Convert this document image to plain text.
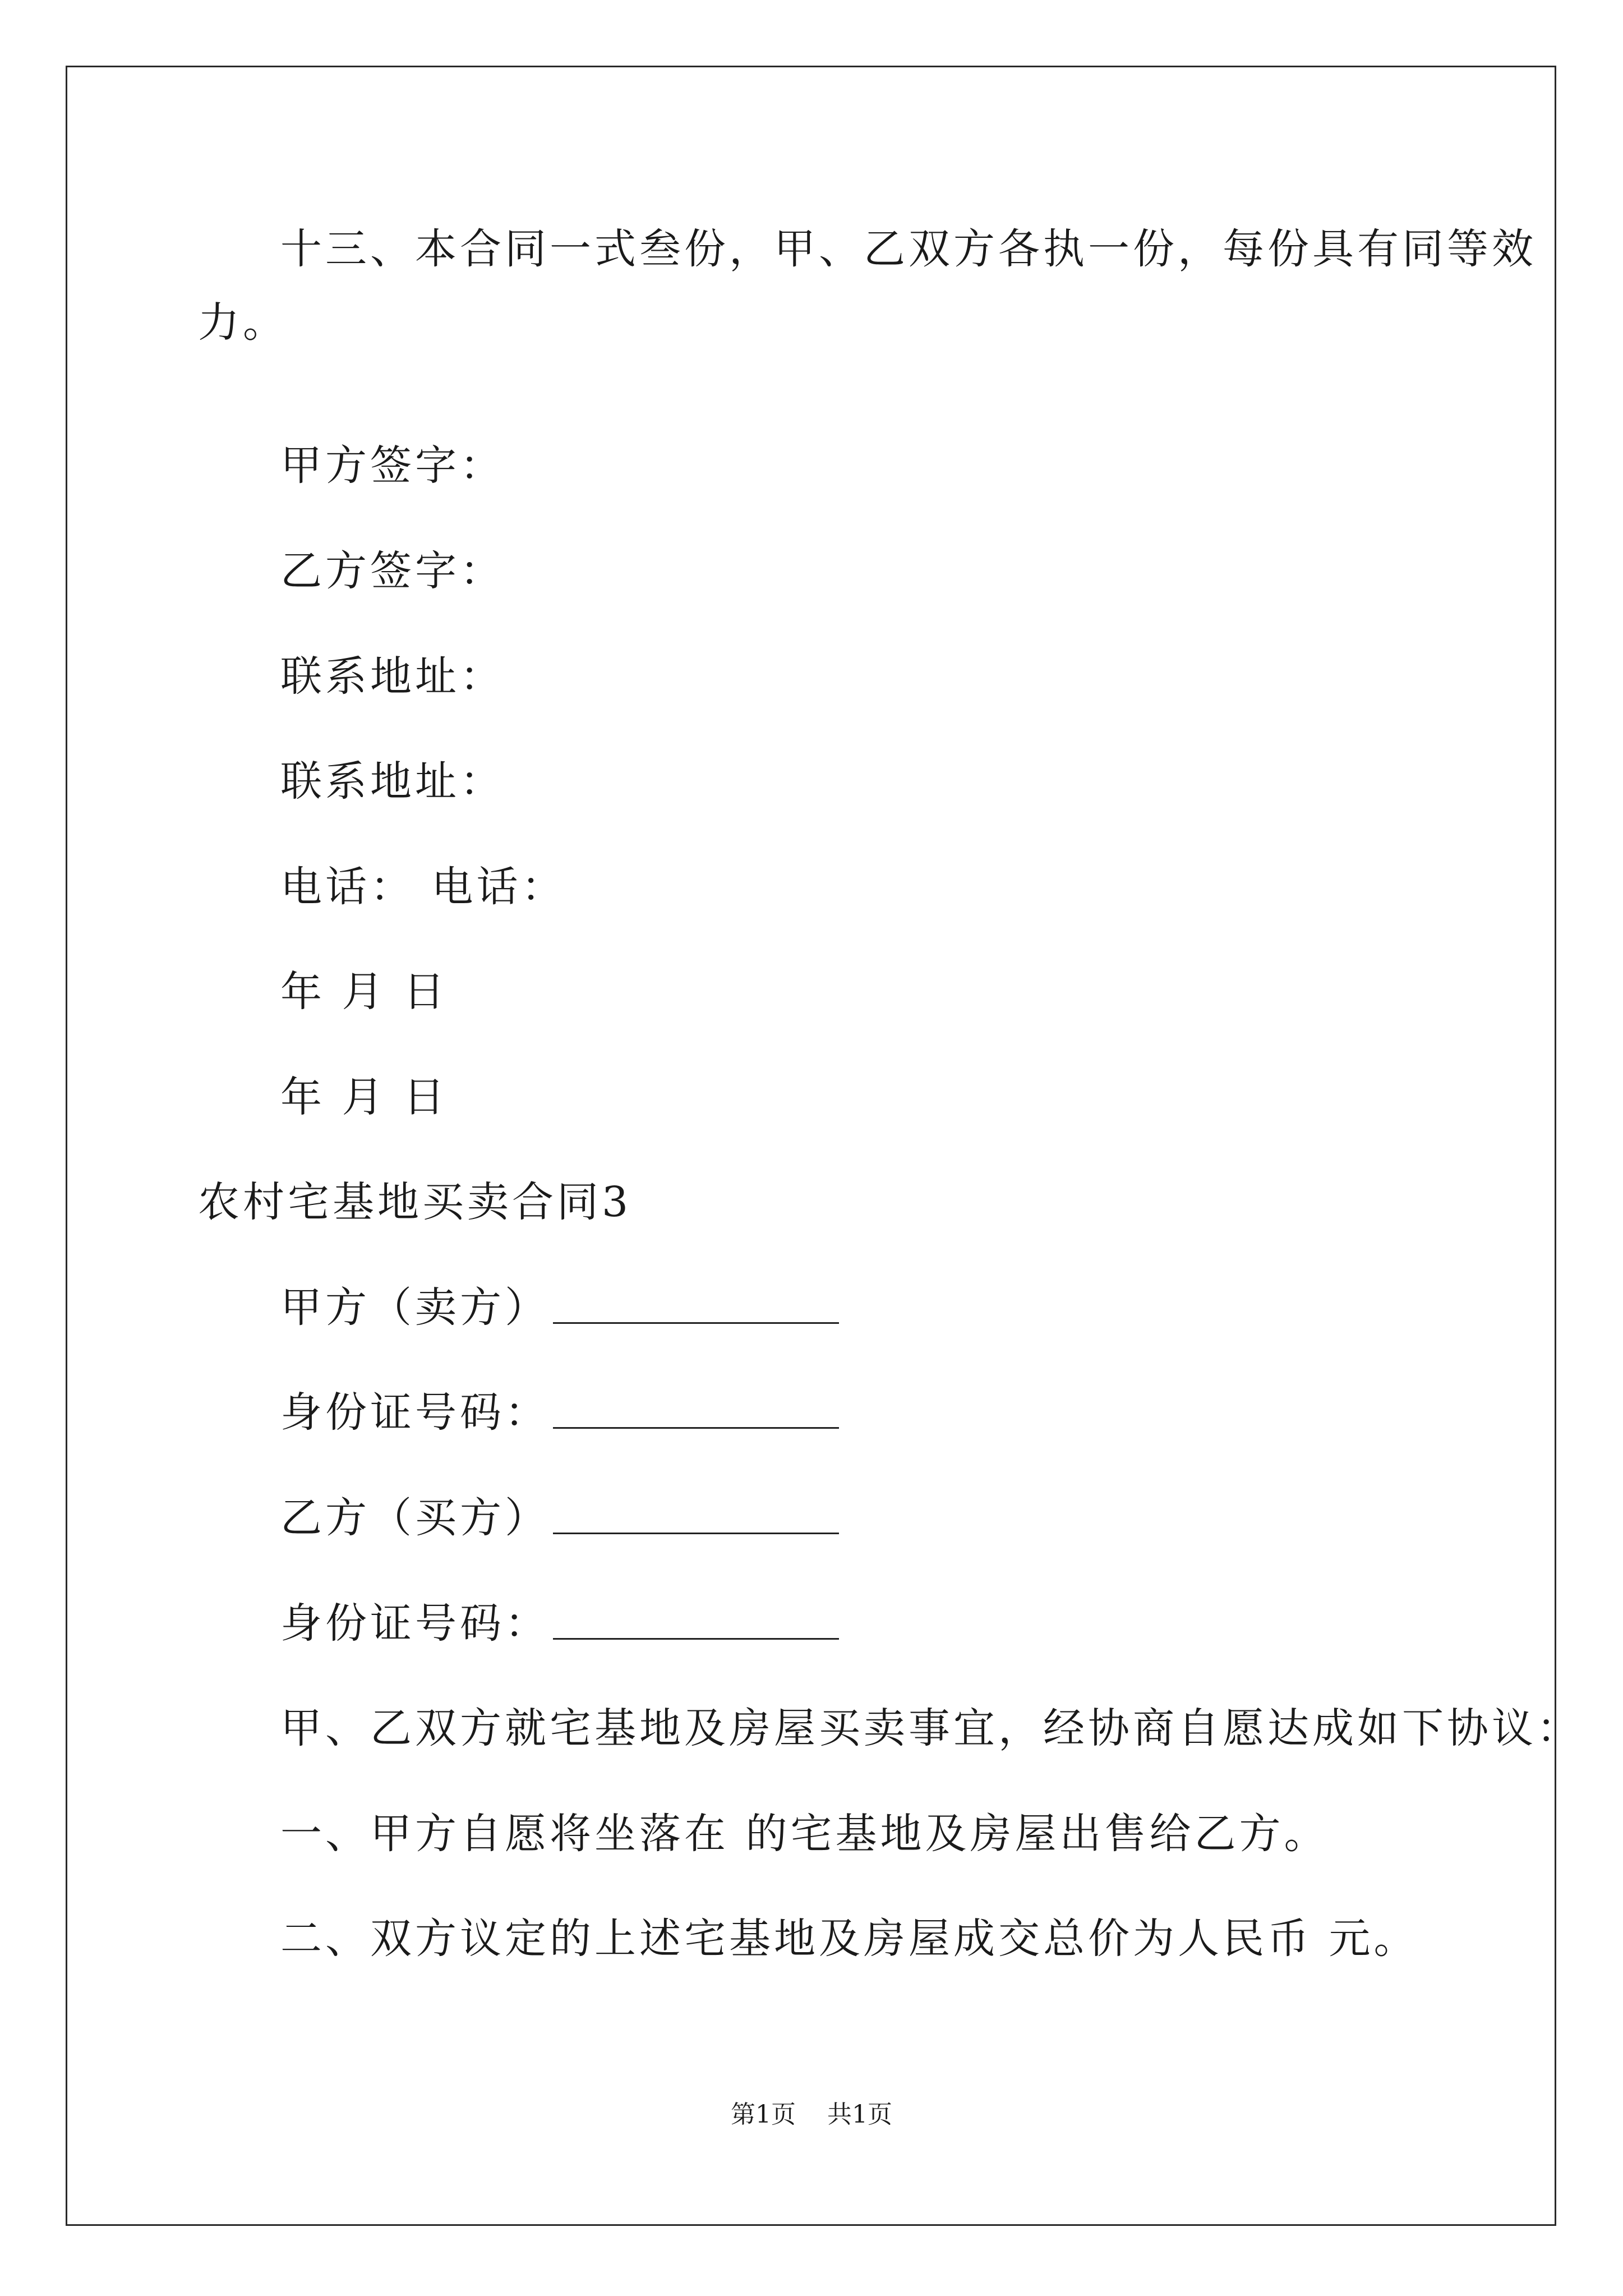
十三、本合同一式叁份，甲、乙双方各执一份，每份具有同等效
力。
甲方签字：
乙方签字：
联系地址：
联系地址：
电话： 电话：
年 月 日
年 月 日
农村宅基地买卖合同3
甲方（卖方）
身份证号码：
乙方（买方）
身份证号码：
甲、乙双方就宅基地及房屋买卖事宜，经协商自愿达成如下协议：
一、甲方自愿将坐落在 的宅基地及房屋出售给乙方。
二、双方议定的上述宅基地及房屋成交总价为人民币 元。
第1页    共1页
